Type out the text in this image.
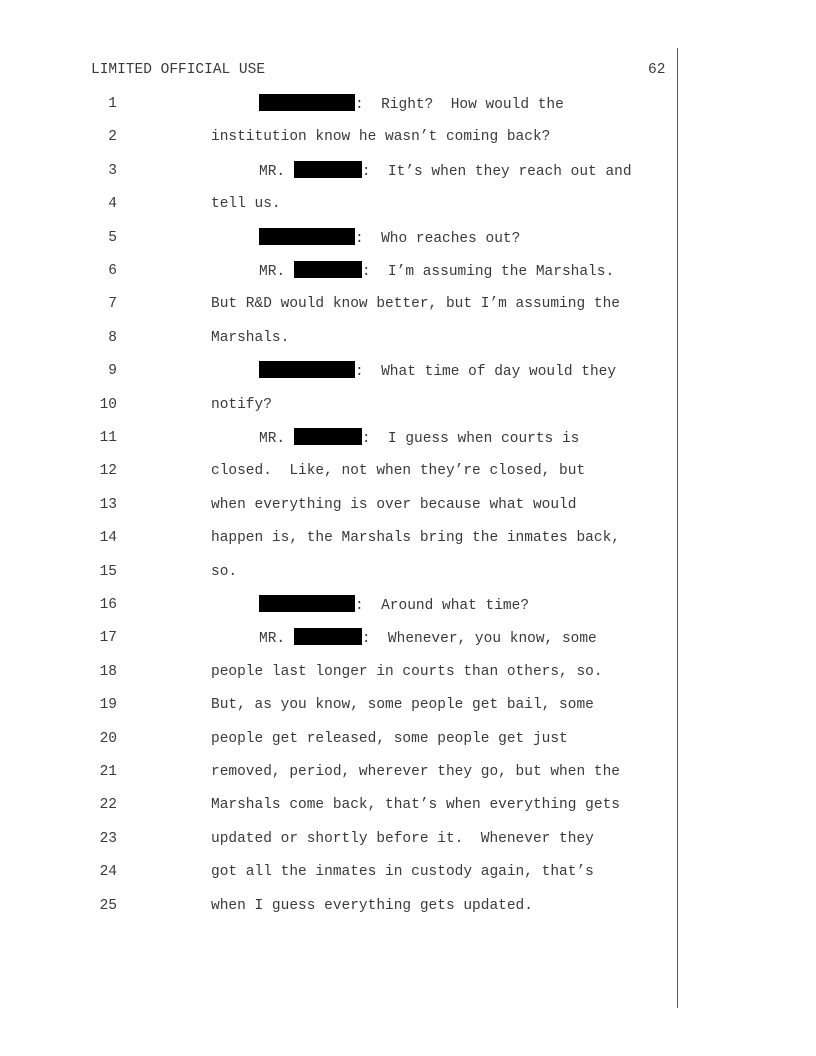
LIMITED OFFICIAL USE	62
1	:  Right?  How would the
2	institution know he wasn’t coming back?
3	MR.	:  It’s when they reach out and
4	tell us.
5	:  Who reaches out?
6	MR.	:  I’m assuming the Marshals.
7	But R&D would know better, but I’m assuming the
8	Marshals.
9	:  What time of day would they
10	notify?
11	MR.	:  I guess when courts is
12	closed.  Like, not when they’re closed, but
13	when everything is over because what would
14	happen is, the Marshals bring the inmates back,
15	so.
16	:  Around what time?
17	MR.	:  Whenever, you know, some
18	people last longer in courts than others, so.
19	But, as you know, some people get bail, some
20	people get released, some people get just
21	removed, period, wherever they go, but when the
22	Marshals come back, that’s when everything gets
23	updated or shortly before it.  Whenever they
24	got all the inmates in custody again, that’s
25	when I guess everything gets updated.
